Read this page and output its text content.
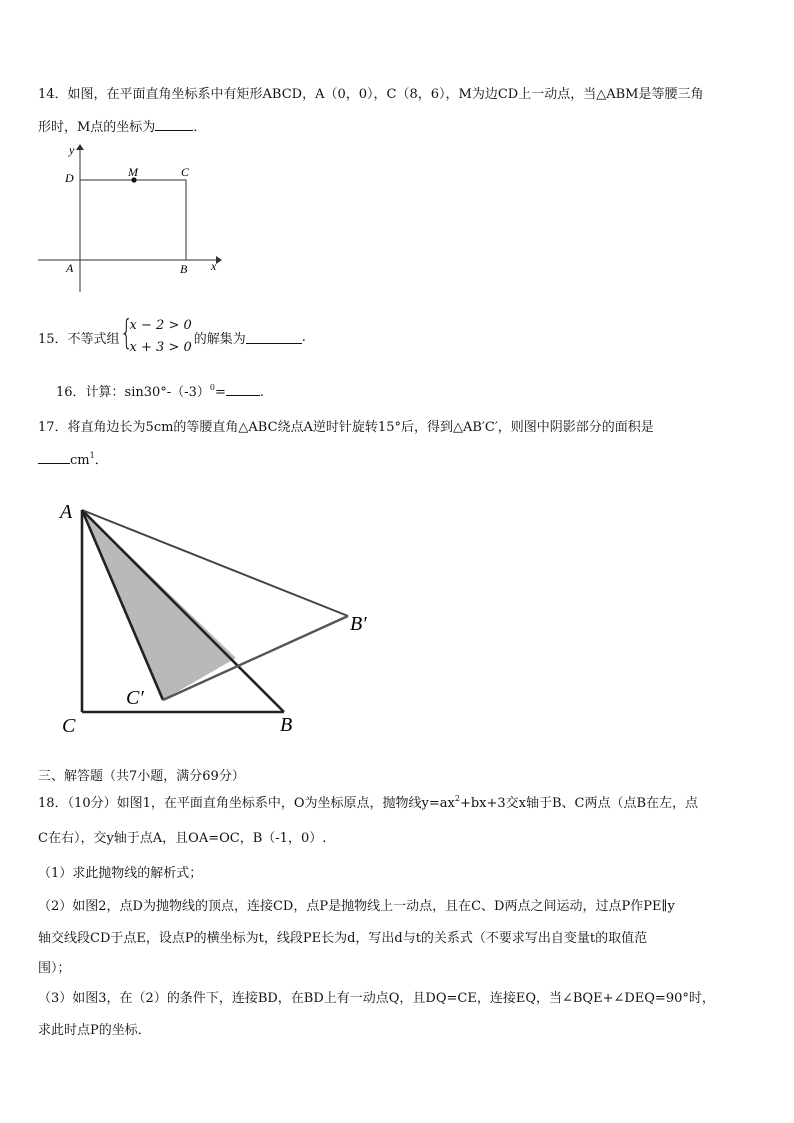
14．如图，在平面直角坐标系中有矩形ABCD，A（0，0），C（8，6），M为边CD上一动点，当△ABM是等腰三角
形时，M点的坐标为	．
y
D	M	C
A	B x
15．不等式组 {
x − 2 > 0
x + 3 > 0
的解集为	.
16．计算：$\sin 30^\circ-(-3)^0=$	.
17．将直角边长为5cm的等腰直角△ABC绕点A逆时针旋转15°后，得到△AB′C′，则图中阴影部分的面积是
$cm^1$．
A
B′
C′
C	B
三、解答题（共7小题，满分69分）
18．（10分）如图1，在平面直角坐标系中，O为坐标原点，抛物线$y=ax^2+bx+3$交x轴于B、C两点（点B在左，点
C在右），交y轴于点A，且OA=OC，B（-1，0）.
（1）求此抛物线的解析式；
（2）如图2，点D为抛物线的顶点，连接CD，点P是抛物线上一动点，且在C、D两点之间运动，过点P作PE∥y
轴交线段CD于点E，设点P的横坐标为t，线段PE长为d，写出d与t的关系式（不要求写出自变量t的取值范
围）；
（3）如图3，在（2）的条件下，连接BD，在BD上有一动点Q，且DQ=CE，连接EQ，当∠BQE+∠DEQ=90°时，
求此时点P的坐标．
